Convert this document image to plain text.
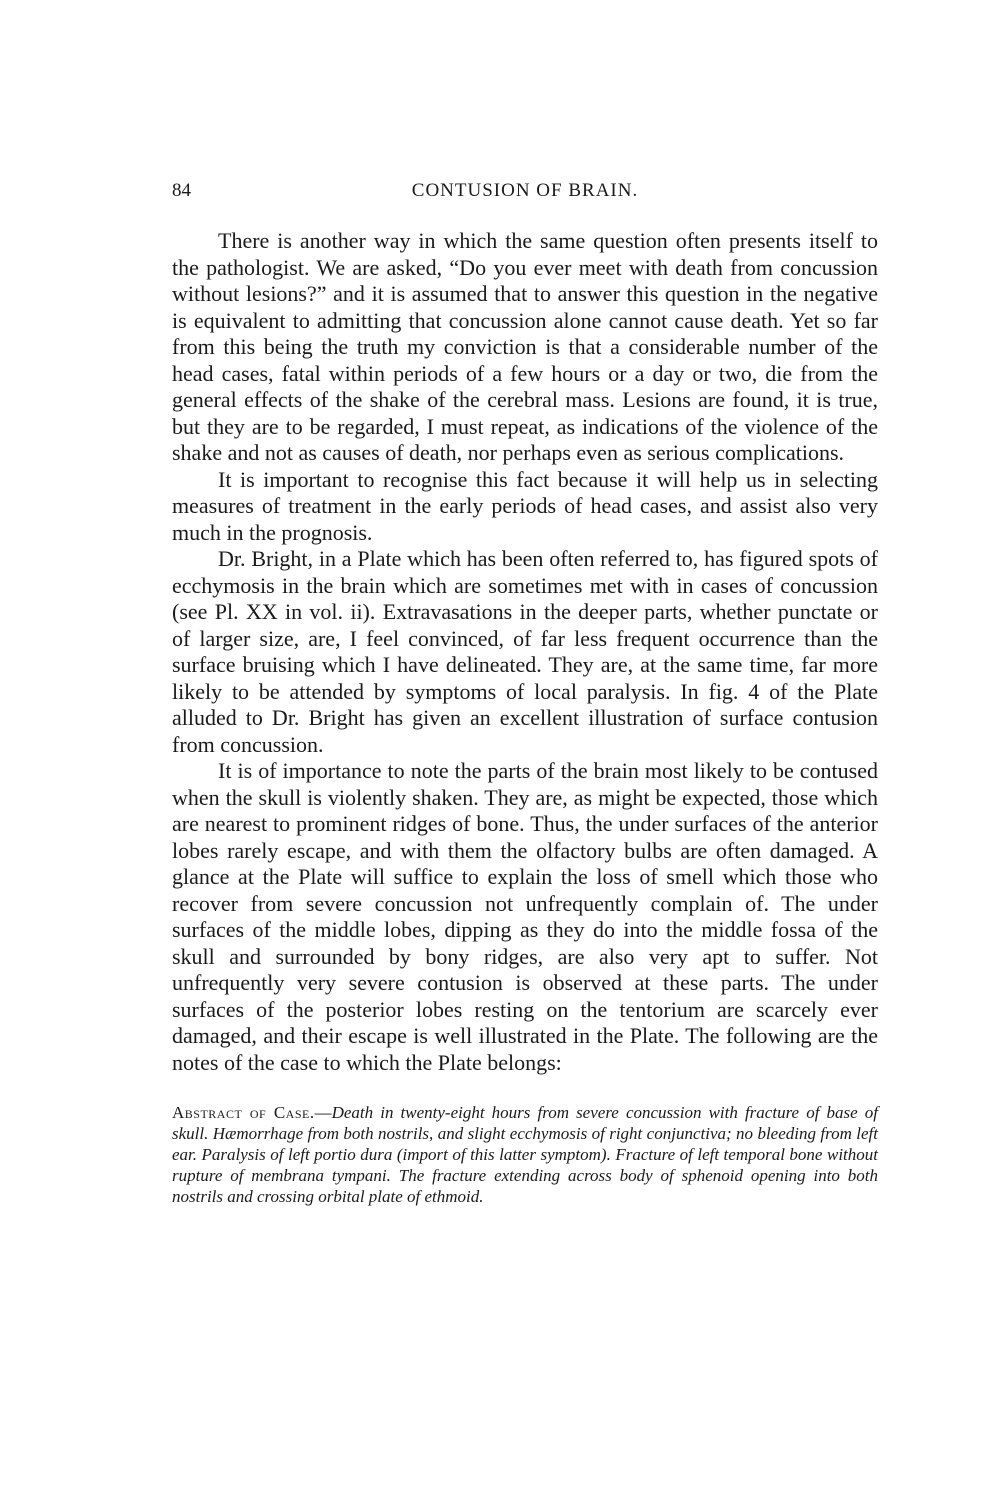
84	CONTUSION OF BRAIN.

There is another way in which the same question often presents itself to the pathologist. We are asked, “Do you ever meet with death from concussion without lesions?” and it is assumed that to answer this question in the negative is equivalent to admitting that concussion alone cannot cause death. Yet so far from this being the truth my conviction is that a considerable number of the head cases, fatal within periods of a few hours or a day or two, die from the general effects of the shake of the cerebral mass. Lesions are found, it is true, but they are to be regarded, I must repeat, as indications of the violence of the shake and not as causes of death, nor perhaps even as serious complications.

It is important to recognise this fact because it will help us in selecting measures of treatment in the early periods of head cases, and assist also very much in the prognosis.

Dr. Bright, in a Plate which has been often referred to, has figured spots of ecchymosis in the brain which are sometimes met with in cases of concussion (see Pl. XX in vol. ii). Extravasations in the deeper parts, whether punctate or of larger size, are, I feel convinced, of far less frequent occurrence than the surface bruising which I have delineated. They are, at the same time, far more likely to be attended by symptoms of local paralysis. In fig. 4 of the Plate alluded to Dr. Bright has given an excellent illustration of surface contusion from concussion.

It is of importance to note the parts of the brain most likely to be contused when the skull is violently shaken. They are, as might be expected, those which are nearest to prominent ridges of bone. Thus, the under surfaces of the anterior lobes rarely escape, and with them the olfactory bulbs are often damaged. A glance at the Plate will suffice to explain the loss of smell which those who recover from severe concussion not unfrequently complain of. The under surfaces of the middle lobes, dipping as they do into the middle fossa of the skull and surrounded by bony ridges, are also very apt to suffer. Not unfrequently very severe contusion is observed at these parts. The under surfaces of the posterior lobes resting on the tentorium are scarcely ever damaged, and their escape is well illustrated in the Plate. The following are the notes of the case to which the Plate belongs:

Abstract of Case.—Death in twenty-eight hours from severe concussion with fracture of base of skull. Hæmorrhage from both nostrils, and slight ecchymosis of right conjunctiva; no bleeding from left ear. Paralysis of left portio dura (import of this latter symptom). Fracture of left temporal bone without rupture of membrana tympani. The fracture extending across body of sphenoid opening into both nostrils and crossing orbital plate of ethmoid.
